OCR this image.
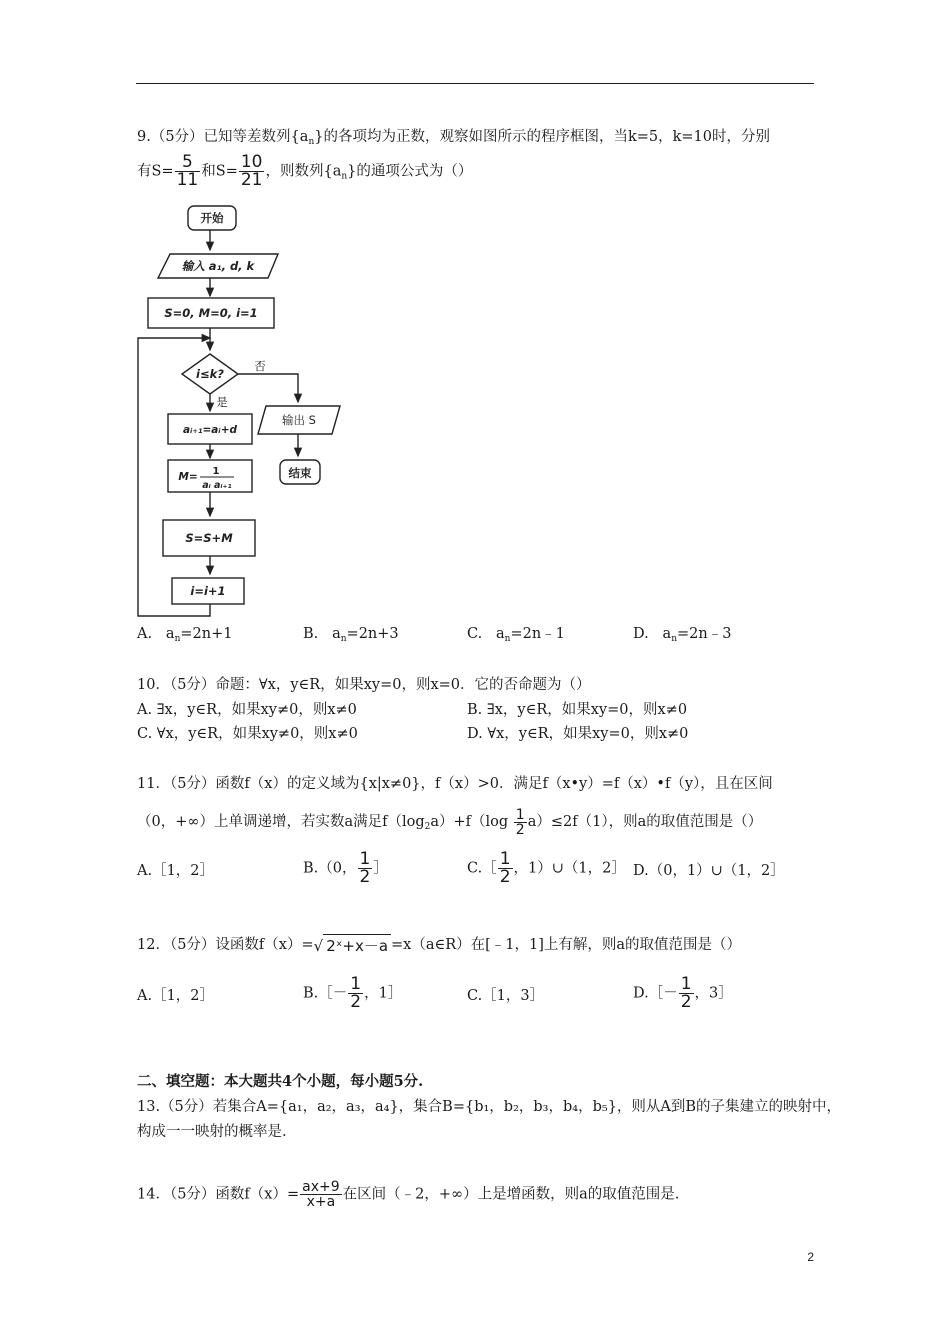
9.（5分）已知等差数列$\{a_n\}$的各项均为正数，观察如图所示的程序框图，当k=5，k=10时，分别
有$S= \frac{5}{11}$ 和$S= \frac{10}{21}$ ，则数列$\{a_n\}$的通项公式为（）
开始
输入 a₁, d, k
S=0, M=0, i=1
i≤k?
否
是
aᵢ₊₁=aᵢ+d
M= 1
aᵢ aᵢ₊₁
S=S+M
i=i+1
输出 S
结束
A. $a_n=2n+1$	B. $a_n=2n+3$	C. $a_n=2n﹣1$	D. $a_n=2n﹣3$
10．（5分）命题：∀x，y∈R，如果xy=0，则x=0．它的否命题为（）
A. ∃x，y∈R，如果xy≠0，则x≠0	B. ∃x，y∈R，如果xy=0，则x≠0
C. ∀x，y∈R，如果xy≠0，则x≠0	D. ∀x，y∈R，如果xy=0，则x≠0
11．（5分）函数f（x）的定义域为{x|x≠0}，f（x）>0．满足f（x•y）=f（x）•f（y），且在区间
（0，+∞）上单调递增，若实数a满足$f(\log_2a)+f(\log \frac{1}{2} a)\le 2f(1)$，则a的取值范围是（）
A.［1，2］	B.（0， $\frac{1}{2}$ ］	C.［ $\frac{1}{2}$ ，1）∪（1，2］ D.（0，1）∪（1，2］
12．（5分）设函数f（x）=√ 2ˣ+x－a =x（a∈R）在[﹣1，1]上有解，则a的取值范围是（）
A.［1，2］	B.［－ $\frac{1}{2}$ ，1］	C.［1，3］	D.［－ $\frac{1}{2}$ ，3］
二、填空题：本大题共4个小题，每小题5分.
13.（5分）若集合A={a₁，a₂，a₃，a₄}，集合B={b₁，b₂，b₃，b₄，b₅}，则从A到B的子集建立的映射中，
构成一一映射的概率是.
14．（5分）函数$f(x)= \frac{ax+9}{x+a}$ 在区间（﹣2，+∞）上是增函数，则a的取值范围是.
2
